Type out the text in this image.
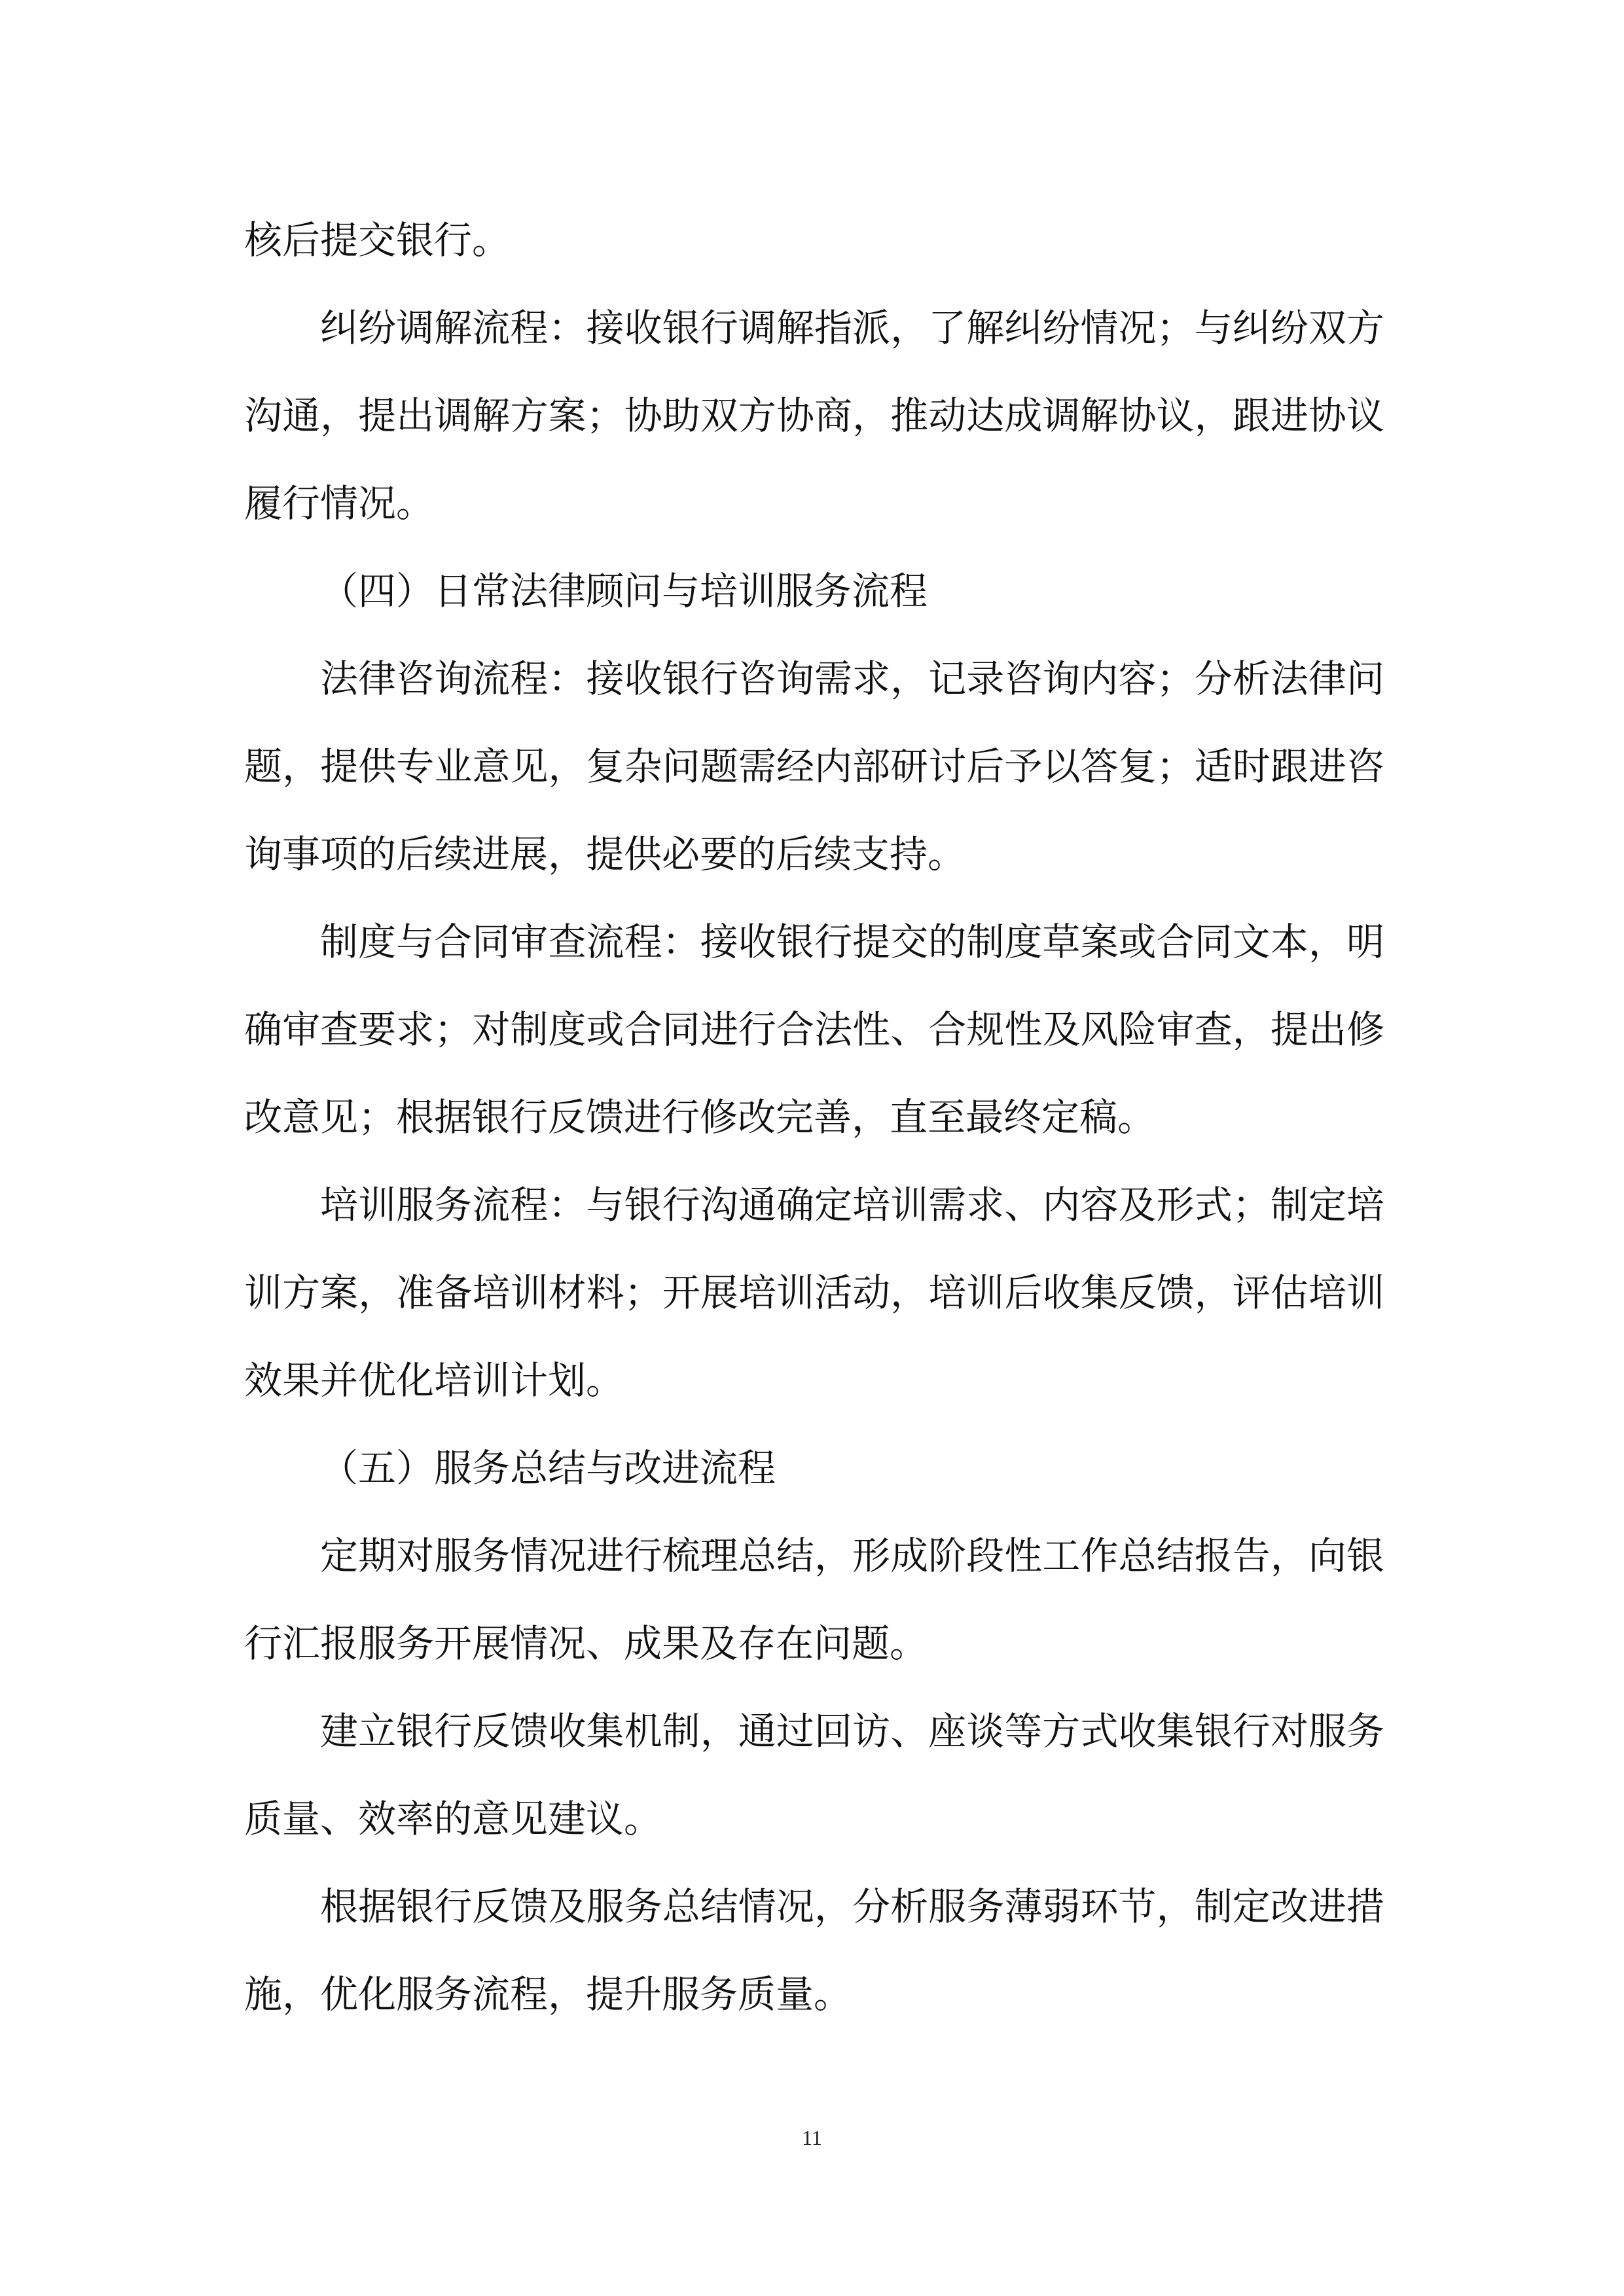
核后提交银行。

纠纷调解流程：接收银行调解指派，了解纠纷情况；与纠纷双方沟通，提出调解方案；协助双方协商，推动达成调解协议，跟进协议履行情况。

（四）日常法律顾问与培训服务流程

法律咨询流程：接收银行咨询需求，记录咨询内容；分析法律问题，提供专业意见，复杂问题需经内部研讨后予以答复；适时跟进咨询事项的后续进展，提供必要的后续支持。

制度与合同审查流程：接收银行提交的制度草案或合同文本，明确审查要求；对制度或合同进行合法性、合规性及风险审查，提出修改意见；根据银行反馈进行修改完善，直至最终定稿。

培训服务流程：与银行沟通确定培训需求、内容及形式；制定培训方案，准备培训材料；开展培训活动，培训后收集反馈，评估培训效果并优化培训计划。

（五）服务总结与改进流程

定期对服务情况进行梳理总结，形成阶段性工作总结报告，向银行汇报服务开展情况、成果及存在问题。

建立银行反馈收集机制，通过回访、座谈等方式收集银行对服务质量、效率的意见建议。

根据银行反馈及服务总结情况，分析服务薄弱环节，制定改进措施，优化服务流程，提升服务质量。

11
